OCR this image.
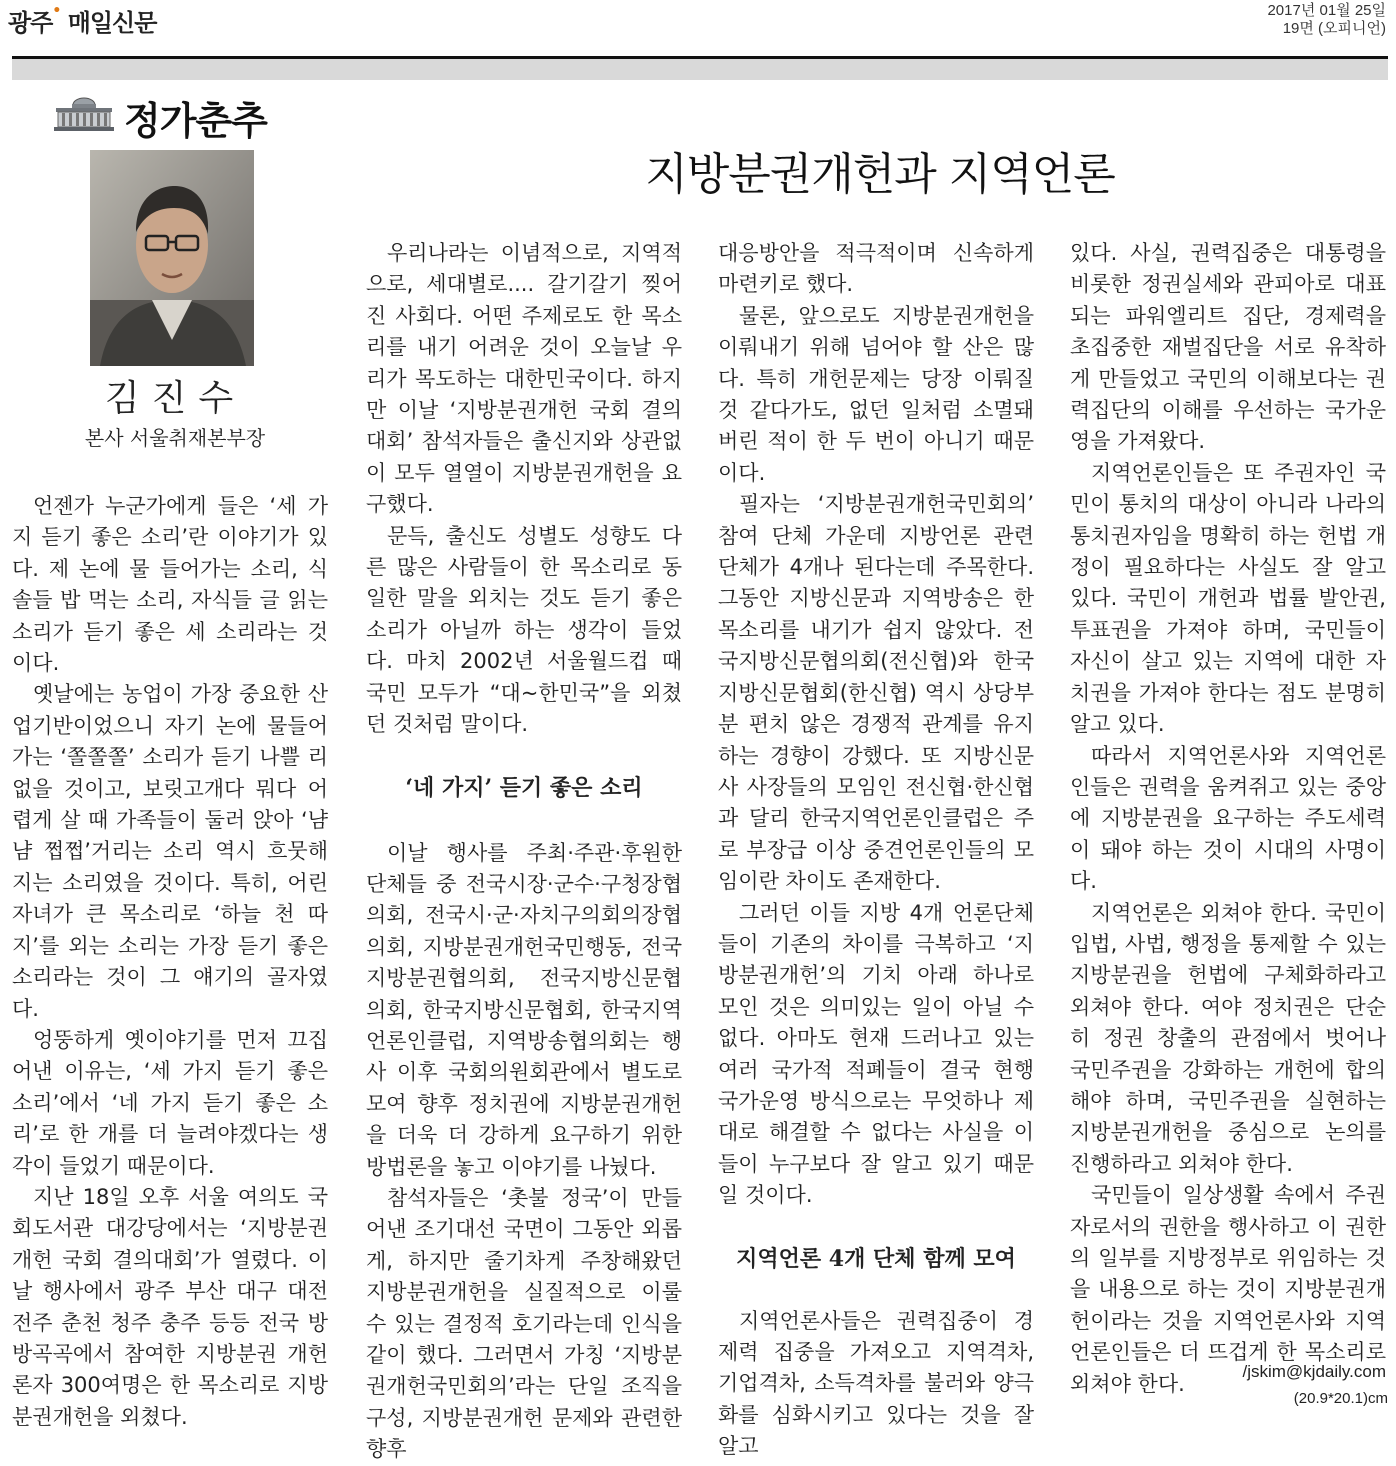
광주• 매일신문	2017년 01월 25일
19면 (오피니언)
정가춘추
김진수
본사 서울취재본부장
지방분권개헌과 지역언론

언젠가 누군가에게 들은 ‘세 가지 듣기 좋은 소리’란 이야기가 있다. 제 논에 물 들어가는 소리, 식솔들 밥 먹는 소리, 자식들 글 읽는 소리가 듣기 좋은 세 소리라는 것이다.

옛날에는 농업이 가장 중요한 산업기반이었으니 자기 논에 물들어가는 ‘쫄쫄쫄’ 소리가 듣기 나쁠 리 없을 것이고, 보릿고개다 뭐다 어렵게 살 때 가족들이 둘러 앉아 ‘냠냠 쩝쩝’거리는 소리 역시 흐뭇해지는 소리였을 것이다. 특히, 어린 자녀가 큰 목소리로 ‘하늘 천 따지’를 외는 소리는 가장 듣기 좋은 소리라는 것이 그 얘기의 골자였다.

엉뚱하게 옛이야기를 먼저 끄집어낸 이유는, ‘세 가지 듣기 좋은 소리’에서 ‘네 가지 듣기 좋은 소리’로 한 개를 더 늘려야겠다는 생각이 들었기 때문이다.

지난 18일 오후 서울 여의도 국회도서관 대강당에서는 ‘지방분권개헌 국회 결의대회’가 열렸다. 이날 행사에서 광주 부산 대구 대전 전주 춘천 청주 충주 등등 전국 방방곡곡에서 참여한 지방분권 개헌론자 300여명은 한 목소리로 지방분권개헌을 외쳤다.

우리나라는 이념적으로, 지역적으로, 세대별로.... 갈기갈기 찢어진 사회다. 어떤 주제로도 한 목소리를 내기 어려운 것이 오늘날 우리가 목도하는 대한민국이다. 하지만 이날 ‘지방분권개헌 국회 결의대회’ 참석자들은 출신지와 상관없이 모두 열열이 지방분권개헌을 요구했다.

문득, 출신도 성별도 성향도 다른 많은 사람들이 한 목소리로 동일한 말을 외치는 것도 듣기 좋은 소리가 아닐까 하는 생각이 들었다. 마치 2002년 서울월드컵 때 국민 모두가 “대~한민국”을 외쳤던 것처럼 말이다.

‘네 가지’ 듣기 좋은 소리

이날 행사를 주최·주관·후원한 단체들 중 전국시장·군수·구청장협의회, 전국시·군·자치구의회의장협의회, 지방분권개헌국민행동, 전국지방분권협의회, 전국지방신문협의회, 한국지방신문협회, 한국지역언론인클럽, 지역방송협의회는 행사 이후 국회의원회관에서 별도로 모여 향후 정치권에 지방분권개헌을 더욱 더 강하게 요구하기 위한 방법론을 놓고 이야기를 나눴다.

참석자들은 ‘촛불 정국’이 만들어낸 조기대선 국면이 그동안 외롭게, 하지만 줄기차게 주창해왔던 지방분권개헌을 실질적으로 이룰 수 있는 결정적 호기라는데 인식을 같이 했다. 그러면서 가칭 ‘지방분권개헌국민회의’라는 단일 조직을 구성, 지방분권개헌 문제와 관련한 향후

대응방안을 적극적이며 신속하게 마련키로 했다.

물론, 앞으로도 지방분권개헌을 이뤄내기 위해 넘어야 할 산은 많다. 특히 개헌문제는 당장 이뤄질 것 같다가도, 없던 일처럼 소멸돼버린 적이 한 두 번이 아니기 때문이다.

필자는 ‘지방분권개헌국민회의’ 참여 단체 가운데 지방언론 관련 단체가 4개나 된다는데 주목한다. 그동안 지방신문과 지역방송은 한 목소리를 내기가 쉽지 않았다. 전국지방신문협의회(전신협)와 한국지방신문협회(한신협) 역시 상당부분 편치 않은 경쟁적 관계를 유지하는 경향이 강했다. 또 지방신문사 사장들의 모임인 전신협·한신협과 달리 한국지역언론인클럽은 주로 부장급 이상 중견언론인들의 모임이란 차이도 존재한다.

그러던 이들 지방 4개 언론단체들이 기존의 차이를 극복하고 ‘지방분권개헌’의 기치 아래 하나로 모인 것은 의미있는 일이 아닐 수 없다. 아마도 현재 드러나고 있는 여러 국가적 적폐들이 결국 현행 국가운영 방식으로는 무엇하나 제대로 해결할 수 없다는 사실을 이들이 누구보다 잘 알고 있기 때문일 것이다.

지역언론 4개 단체 함께 모여

지역언론사들은 권력집중이 경제력 집중을 가져오고 지역격차, 기업격차, 소득격차를 불러와 양극화를 심화시키고 있다는 것을 잘 알고

있다. 사실, 권력집중은 대통령을 비롯한 정권실세와 관피아로 대표되는 파워엘리트 집단, 경제력을 초집중한 재벌집단을 서로 유착하게 만들었고 국민의 이해보다는 권력집단의 이해를 우선하는 국가운영을 가져왔다.

지역언론인들은 또 주권자인 국민이 통치의 대상이 아니라 나라의 통치권자임을 명확히 하는 헌법 개정이 필요하다는 사실도 잘 알고 있다. 국민이 개헌과 법률 발안권, 투표권을 가져야 하며, 국민들이 자신이 살고 있는 지역에 대한 자치권을 가져야 한다는 점도 분명히 알고 있다.

따라서 지역언론사와 지역언론인들은 권력을 움켜쥐고 있는 중앙에 지방분권을 요구하는 주도세력이 돼야 하는 것이 시대의 사명이다.

지역언론은 외쳐야 한다. 국민이 입법, 사법, 행정을 통제할 수 있는 지방분권을 헌법에 구체화하라고 외쳐야 한다. 여야 정치권은 단순히 정권 창출의 관점에서 벗어나 국민주권을 강화하는 개헌에 합의해야 하며, 국민주권을 실현하는 지방분권개헌을 중심으로 논의를 진행하라고 외쳐야 한다.

국민들이 일상생활 속에서 주권자로서의 권한을 행사하고 이 권한의 일부를 지방정부로 위임하는 것을 내용으로 하는 것이 지방분권개헌이라는 것을 지역언론사와 지역언론인들은 더 뜨겁게 한 목소리로 외쳐야 한다.

/jskim@kjdaily.com
(20.9*20.1)cm
